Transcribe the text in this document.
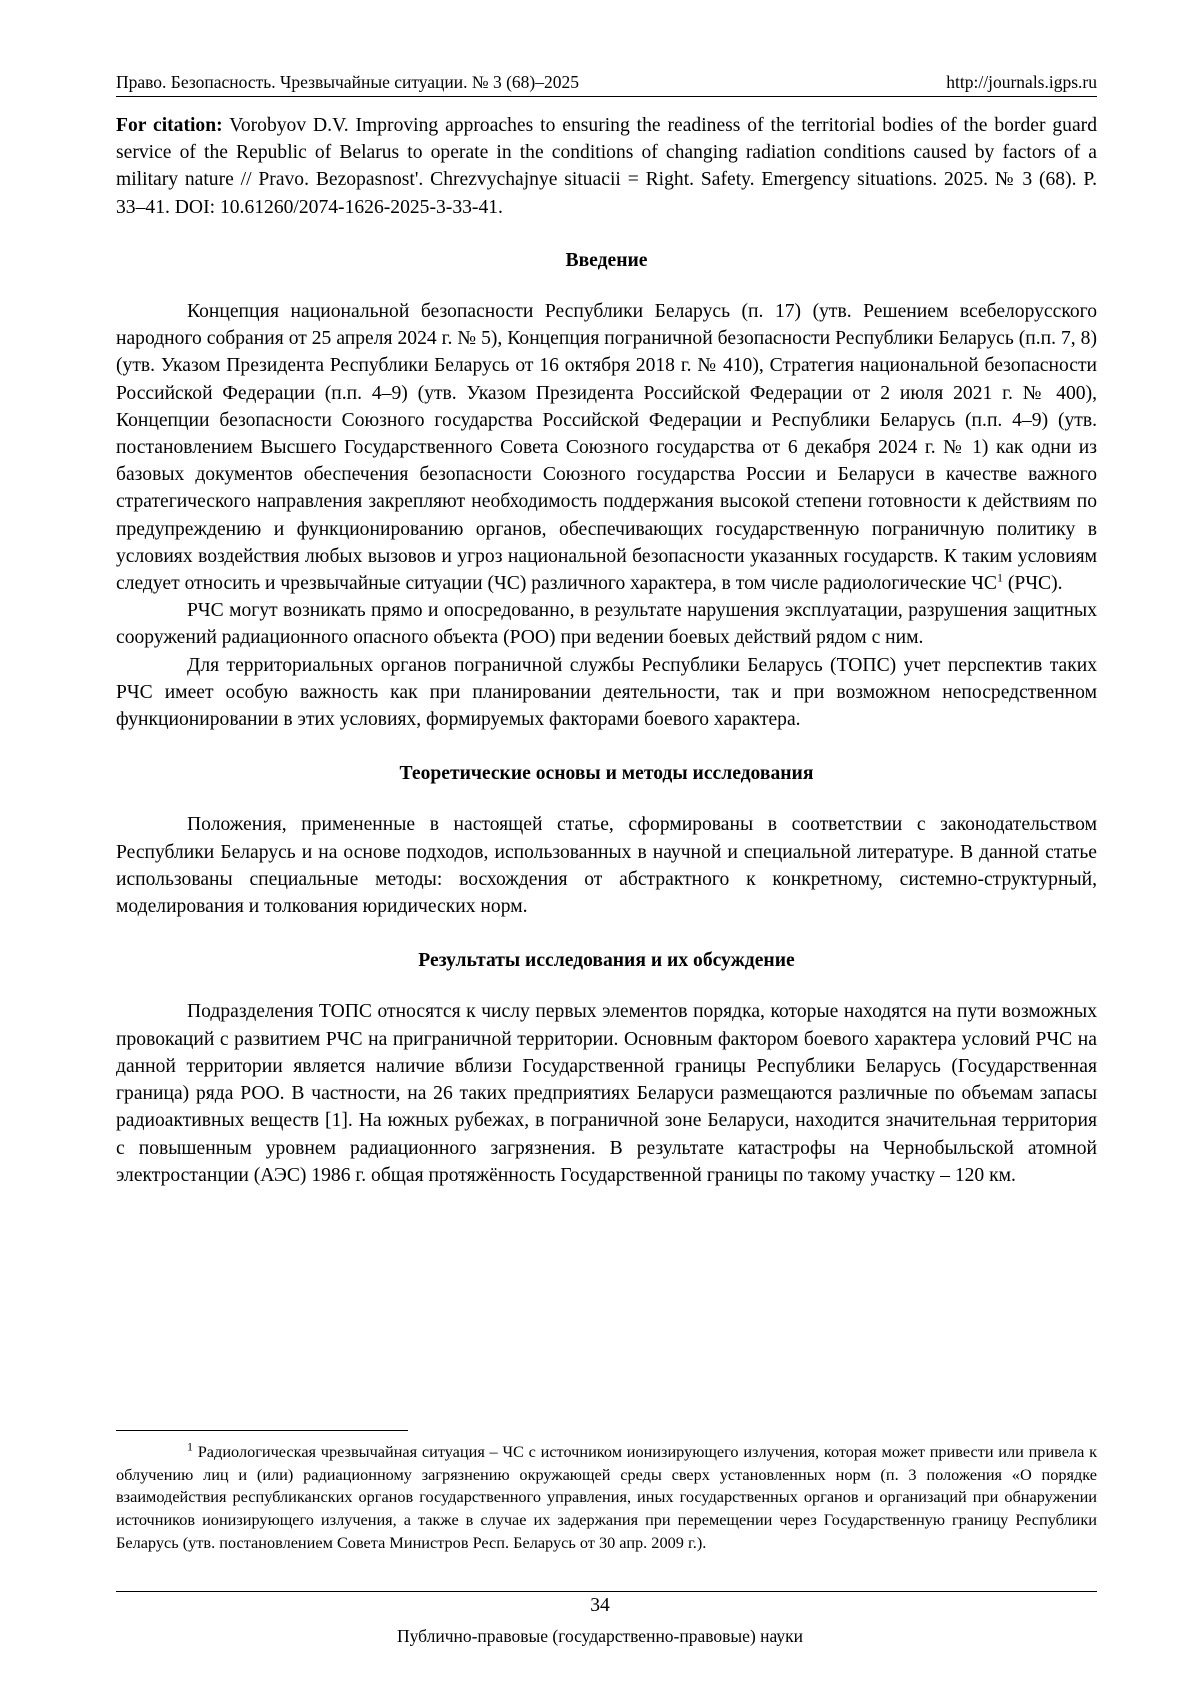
Право. Безопасность. Чрезвычайные ситуации. № 3 (68)–2025	http://journals.igps.ru

For citation: Vorobyov D.V. Improving approaches to ensuring the readiness of the territorial bodies of the border guard service of the Republic of Belarus to operate in the conditions of changing radiation conditions caused by factors of a military nature // Pravo. Bezopasnost'. Chrezvychajnye situacii = Right. Safety. Emergency situations. 2025. № 3 (68). P. 33–41. DOI: 10.61260/2074-1626-2025-3-33-41.

Введение

Концепция национальной безопасности Республики Беларусь (п. 17) (утв. Решением всебелорусского народного собрания от 25 апреля 2024 г. № 5), Концепция пограничной безопасности Республики Беларусь (п.п. 7, 8) (утв. Указом Президента Республики Беларусь от 16 октября 2018 г. № 410), Стратегия национальной безопасности Российской Федерации (п.п. 4–9) (утв. Указом Президента Российской Федерации от 2 июля 2021 г. № 400), Концепции безопасности Союзного государства Российской Федерации и Республики Беларусь (п.п. 4–9) (утв. постановлением Высшего Государственного Совета Союзного государства от 6 декабря 2024 г. № 1) как одни из базовых документов обеспечения безопасности Союзного государства России и Беларуси в качестве важного стратегического направления закрепляют необходимость поддержания высокой степени готовности к действиям по предупреждению и функционированию органов, обеспечивающих государственную пограничную политику в условиях воздействия любых вызовов и угроз национальной безопасности указанных государств. К таким условиям следует относить и чрезвычайные ситуации (ЧС) различного характера, в том числе радиологические $ЧС^1$ (РЧС).

РЧС могут возникать прямо и опосредованно, в результате нарушения эксплуатации, разрушения защитных сооружений радиационного опасного объекта (РОО) при ведении боевых действий рядом с ним.

Для территориальных органов пограничной службы Республики Беларусь (ТОПС) учет перспектив таких РЧС имеет особую важность как при планировании деятельности, так и при возможном непосредственном функционировании в этих условиях, формируемых факторами боевого характера.

Теоретические основы и методы исследования

Положения, примененные в настоящей статье, сформированы в соответствии с законодательством Республики Беларусь и на основе подходов, использованных в научной и специальной литературе. В данной статье использованы специальные методы: восхождения от абстрактного к конкретному, системно-структурный, моделирования и толкования юридических норм.

Результаты исследования и их обсуждение

Подразделения ТОПС относятся к числу первых элементов порядка, которые находятся на пути возможных провокаций с развитием РЧС на приграничной территории. Основным фактором боевого характера условий РЧС на данной территории является наличие вблизи Государственной границы Республики Беларусь (Государственная граница) ряда РОО. В частности, на 26 таких предприятиях Беларуси размещаются различные по объемам запасы радиоактивных веществ [1]. На южных рубежах, в пограничной зоне Беларуси, находится значительная территория с повышенным уровнем радиационного загрязнения. В результате катастрофы на Чернобыльской атомной электростанции (АЭС) 1986 г. общая протяжённость Государственной границы по такому участку – 120 км.

$^1$ Радиологическая чрезвычайная ситуация – ЧС с источником ионизирующего излучения, которая может привести или привела к облучению лиц и (или) радиационному загрязнению окружающей среды сверх установленных норм (п. 3 положения «О порядке взаимодействия республиканских органов государственного управления, иных государственных органов и организаций при обнаружении источников ионизирующего излучения, а также в случае их задержания при перемещении через Государственную границу Республики Беларусь (утв. постановлением Совета Министров Респ. Беларусь от 30 апр. 2009 г.).

34
Публично-правовые (государственно-правовые) науки
